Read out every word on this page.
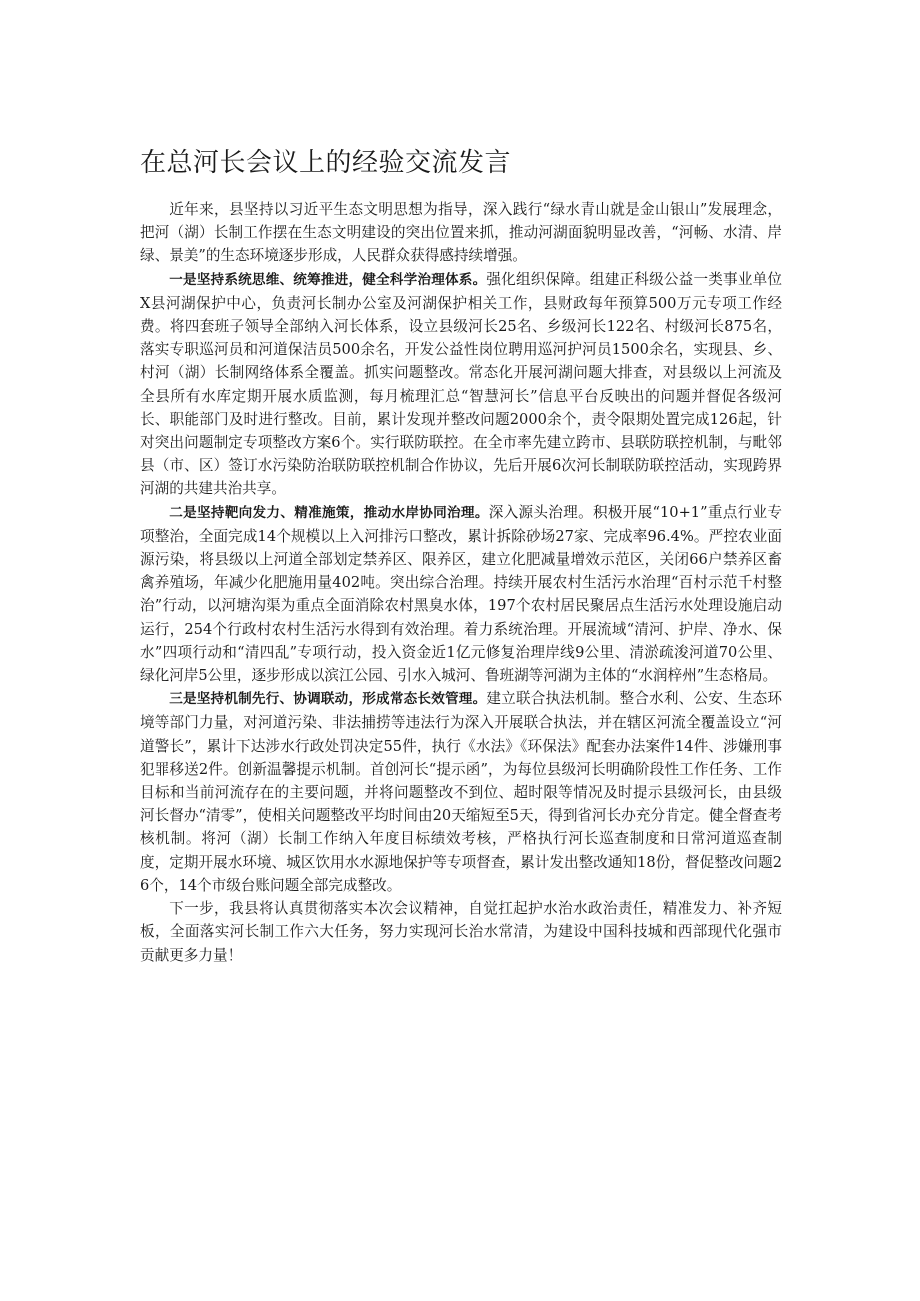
在总河长会议上的经验交流发言

近年来，县坚持以习近平生态文明思想为指导，深入践行“绿水青山就是金山银山”发展理念，把河（湖）长制工作摆在生态文明建设的突出位置来抓，推动河湖面貌明显改善，“河畅、水清、岸绿、景美”的生态环境逐步形成，人民群众获得感持续增强。

一是坚持系统思维、统筹推进，健全科学治理体系。强化组织保障。组建正科级公益一类事业单位X县河湖保护中心，负责河长制办公室及河湖保护相关工作，县财政每年预算500万元专项工作经费。将四套班子领导全部纳入河长体系，设立县级河长25名、乡级河长122名、村级河长875名，落实专职巡河员和河道保洁员500余名，开发公益性岗位聘用巡河护河员1500余名，实现县、乡、村河（湖）长制网络体系全覆盖。抓实问题整改。常态化开展河湖问题大排查，对县级以上河流及全县所有水库定期开展水质监测，每月梳理汇总“智慧河长”信息平台反映出的问题并督促各级河长、职能部门及时进行整改。目前，累计发现并整改问题2000余个，责令限期处置完成126起，针对突出问题制定专项整改方案6个。实行联防联控。在全市率先建立跨市、县联防联控机制，与毗邻县（市、区）签订水污染防治联防联控机制合作协议，先后开展6次河长制联防联控活动，实现跨界河湖的共建共治共享。

二是坚持靶向发力、精准施策，推动水岸协同治理。深入源头治理。积极开展“10+1”重点行业专项整治，全面完成14个规模以上入河排污口整改，累计拆除砂场27家、完成率96.4%。严控农业面源污染，将县级以上河道全部划定禁养区、限养区，建立化肥减量增效示范区，关闭66户禁养区畜禽养殖场，年减少化肥施用量402吨。突出综合治理。持续开展农村生活污水治理“百村示范千村整治”行动，以河塘沟渠为重点全面消除农村黑臭水体，197个农村居民聚居点生活污水处理设施启动运行，254个行政村农村生活污水得到有效治理。着力系统治理。开展流域“清河、护岸、净水、保水”四项行动和“清四乱”专项行动，投入资金近1亿元修复治理岸线9公里、清淤疏浚河道70公里、绿化河岸5公里，逐步形成以滨江公园、引水入城河、鲁班湖等河湖为主体的“水润梓州”生态格局。

三是坚持机制先行、协调联动，形成常态长效管理。建立联合执法机制。整合水利、公安、生态环境等部门力量，对河道污染、非法捕捞等违法行为深入开展联合执法，并在辖区河流全覆盖设立“河道警长”，累计下达涉水行政处罚决定55件，执行《水法》《环保法》配套办法案件14件、涉嫌刑事犯罪移送2件。创新温馨提示机制。首创河长“提示函”，为每位县级河长明确阶段性工作任务、工作目标和当前河流存在的主要问题，并将问题整改不到位、超时限等情况及时提示县级河长，由县级河长督办“清零”，使相关问题整改平均时间由20天缩短至5天，得到省河长办充分肯定。健全督查考核机制。将河（湖）长制工作纳入年度目标绩效考核，严格执行河长巡查制度和日常河道巡查制度，定期开展水环境、城区饮用水水源地保护等专项督查，累计发出整改通知18份，督促整改问题26个，14个市级台账问题全部完成整改。

下一步，我县将认真贯彻落实本次会议精神，自觉扛起护水治水政治责任，精准发力、补齐短板，全面落实河长制工作六大任务，努力实现河长治水常清，为建设中国科技城和西部现代化强市贡献更多力量！
